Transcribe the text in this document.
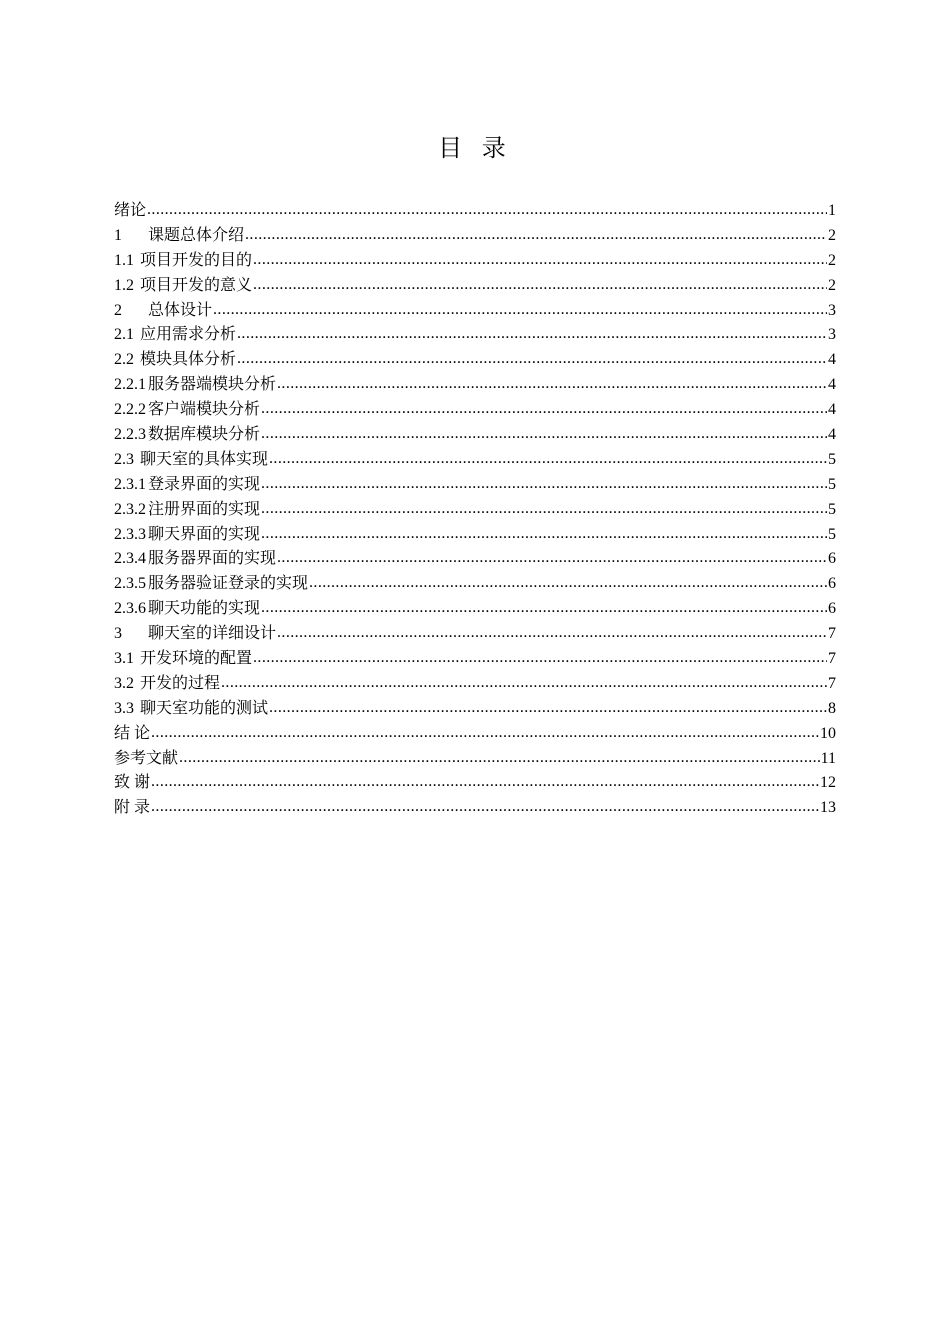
目 录
绪论 .....	1
1	课题总体介绍 .....	2
1.1 项目开发的目的 .....	2
1.2 项目开发的意义 .....	2
2	总体设计 .....	3
2.1 应用需求分析 .....	3
2.2 模块具体分析 .....	4
2.2.1 服务器端模块分析 .....	4
2.2.2 客户端模块分析 .....	4
2.2.3 数据库模块分析 .....	4
2.3 聊天室的具体实现 .....	5
2.3.1 登录界面的实现 .....	5
2.3.2 注册界面的实现 .....	5
2.3.3 聊天界面的实现 .....	5
2.3.4 服务器界面的实现 .....	6
2.3.5 服务器验证登录的实现 .....	6
2.3.6 聊天功能的实现 .....	6
3	聊天室的详细设计 .....	7
3.1 开发环境的配置 .....	7
3.2 开发的过程 .....	7
3.3 聊天室功能的测试 .....	8
结 论 .....	10
参考文献 .....	11
致 谢 .....	12
附 录 .....	13
